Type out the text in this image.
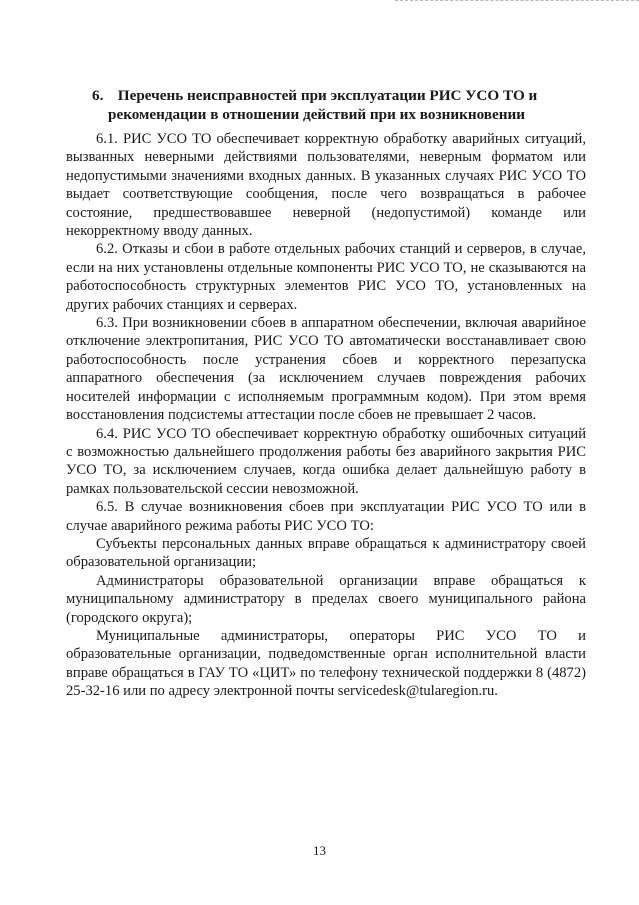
6. Перечень неисправностей при эксплуатации РИС УСО ТО и
рекомендации в отношении действий при их возникновении

6.1. РИС УСО ТО обеспечивает корректную обработку аварийных ситуаций, вызванных неверными действиями пользователями, неверным форматом или недопустимыми значениями входных данных. В указанных случаях РИС УСО ТО выдает соответствующие сообщения, после чего возвращаться в рабочее состояние, предшествовавшее неверной (недопустимой) команде или некорректному вводу данных.

6.2. Отказы и сбои в работе отдельных рабочих станций и серверов, в случае, если на них установлены отдельные компоненты РИС УСО ТО, не сказываются на работоспособность структурных элементов РИС УСО ТО, установленных на других рабочих станциях и серверах.

6.3. При возникновении сбоев в аппаратном обеспечении, включая аварийное отключение электропитания, РИС УСО ТО автоматически восстанавливает свою работоспособность после устранения сбоев и корректного перезапуска аппаратного обеспечения (за исключением случаев повреждения рабочих носителей информации с исполняемым программным кодом). При этом время восстановления подсистемы аттестации после сбоев не превышает 2 часов.

6.4. РИС УСО ТО обеспечивает корректную обработку ошибочных ситуаций с возможностью дальнейшего продолжения работы без аварийного закрытия РИС УСО ТО, за исключением случаев, когда ошибка делает дальнейшую работу в рамках пользовательской сессии невозможной.

6.5. В случае возникновения сбоев при эксплуатации РИС УСО ТО или в случае аварийного режима работы РИС УСО ТО:

Субъекты персональных данных вправе обращаться к администратору своей образовательной организации;

Администраторы образовательной организации вправе обращаться к муниципальному администратору в пределах своего муниципального района (городского округа);

Муниципальные администраторы, операторы РИС УСО ТО и образовательные организации, подведомственные орган исполнительной власти вправе обращаться в ГАУ ТО «ЦИТ» по телефону технической поддержки 8 (4872) 25-32-16 или по адресу электронной почты servicedesk@tularegion.ru.

13
